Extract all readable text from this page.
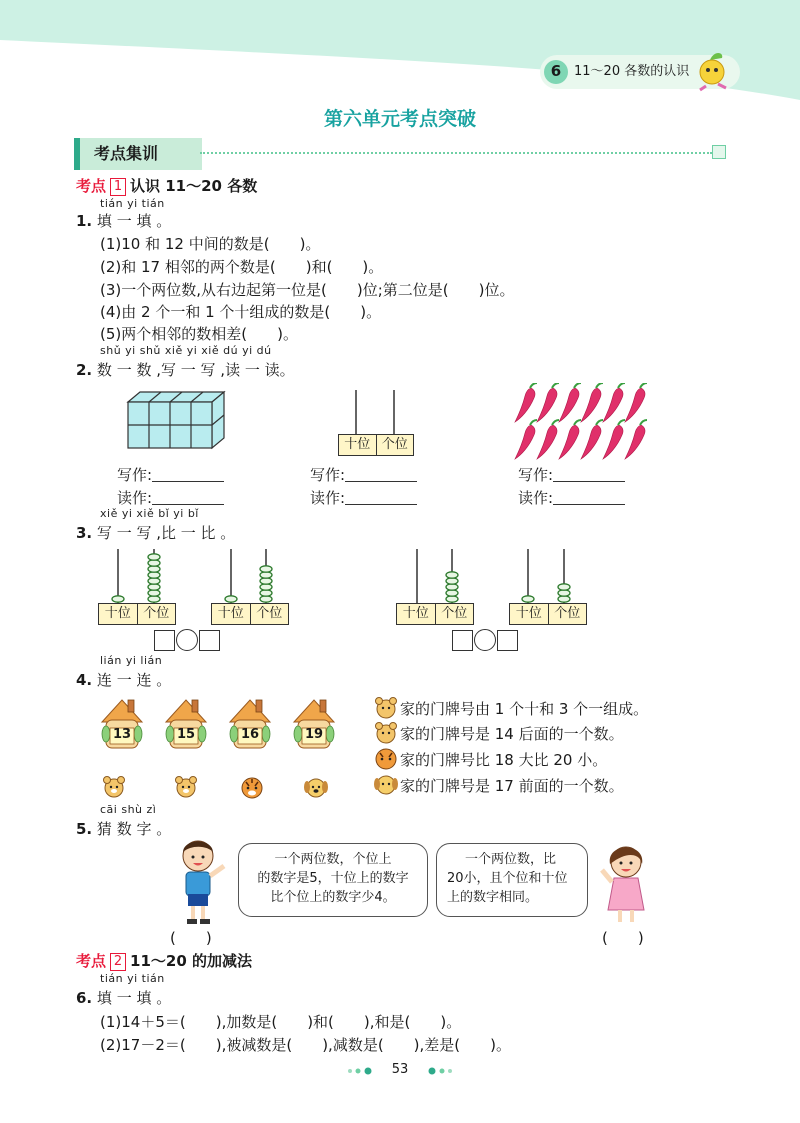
6 11～20 各数的认识
第六单元考点突破
考点集训
考点 1 认识 11～20 各数
tián yi tián
1. 填 一 填 。
(1)10 和 12 中间的数是(　　)。
(2)和 17 相邻的两个数是(　　)和(　　)。
(3)一个两位数,从右边起第一位是(　　)位;第二位是(　　)位。
(4)由 2 个一和 1 个十组成的数是(　　)。
(5)两个相邻的数相差(　　)。
shǔ yi shǔ xiě yi xiě dú yi dú
2. 数 一 数 ,写 一 写 ,读 一 读。
十位 个位
写作:
读作:
写作:
读作:
写作:
读作:
xiě yi xiě bǐ yi bǐ
3. 写 一 写 ,比 一 比 。
十位 个位	十位 个位	十位 个位	十位 个位
lián yi lián
4. 连 一 连 。
13	15	16	19
家的门牌号由 1 个十和 3 个一组成。
家的门牌号是 14 后面的一个数。
家的门牌号比 18 大比 20 小。
家的门牌号是 17 前面的一个数。
cāi shù zì
5. 猜 数 字 。
一个两位数，个位上
的数字是5，十位上的数字
比个位上的数字少4。
一个两位数，比
20小，且个位和十位
上的数字相同。
(　　)	(　　)
考点 2 11～20 的加减法
tián yi tián
6. 填 一 填 。
(1)14＋5＝(　　),加数是(　　)和(　　),和是(　　)。
(2)17－2＝(　　),被减数是(　　),减数是(　　),差是(　　)。
53
